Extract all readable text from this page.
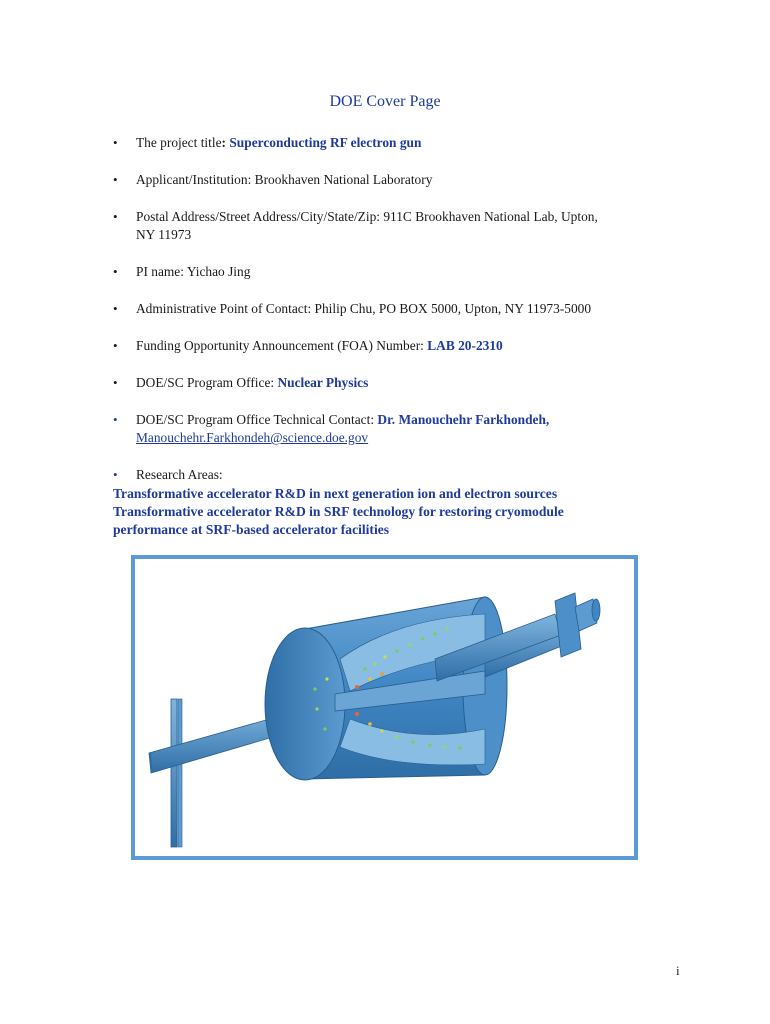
DOE Cover Page
• The project title: Superconducting RF electron gun
• Applicant/Institution: Brookhaven National Laboratory
• Postal Address/Street Address/City/State/Zip: 911C Brookhaven National Lab, Upton,
NY 11973
• PI name: Yichao Jing
• Administrative Point of Contact: Philip Chu, PO BOX 5000, Upton, NY 11973-5000
• Funding Opportunity Announcement (FOA) Number: LAB 20-2310
• DOE/SC Program Office: Nuclear Physics
• DOE/SC Program Office Technical Contact: Dr. Manouchehr Farkhondeh,
Manouchehr.Farkhondeh@science.doe.gov
• Research Areas:
Transformative accelerator R&D in next generation ion and electron sources
Transformative accelerator R&D in SRF technology for restoring cryomodule
performance at SRF-based accelerator facilities
i
